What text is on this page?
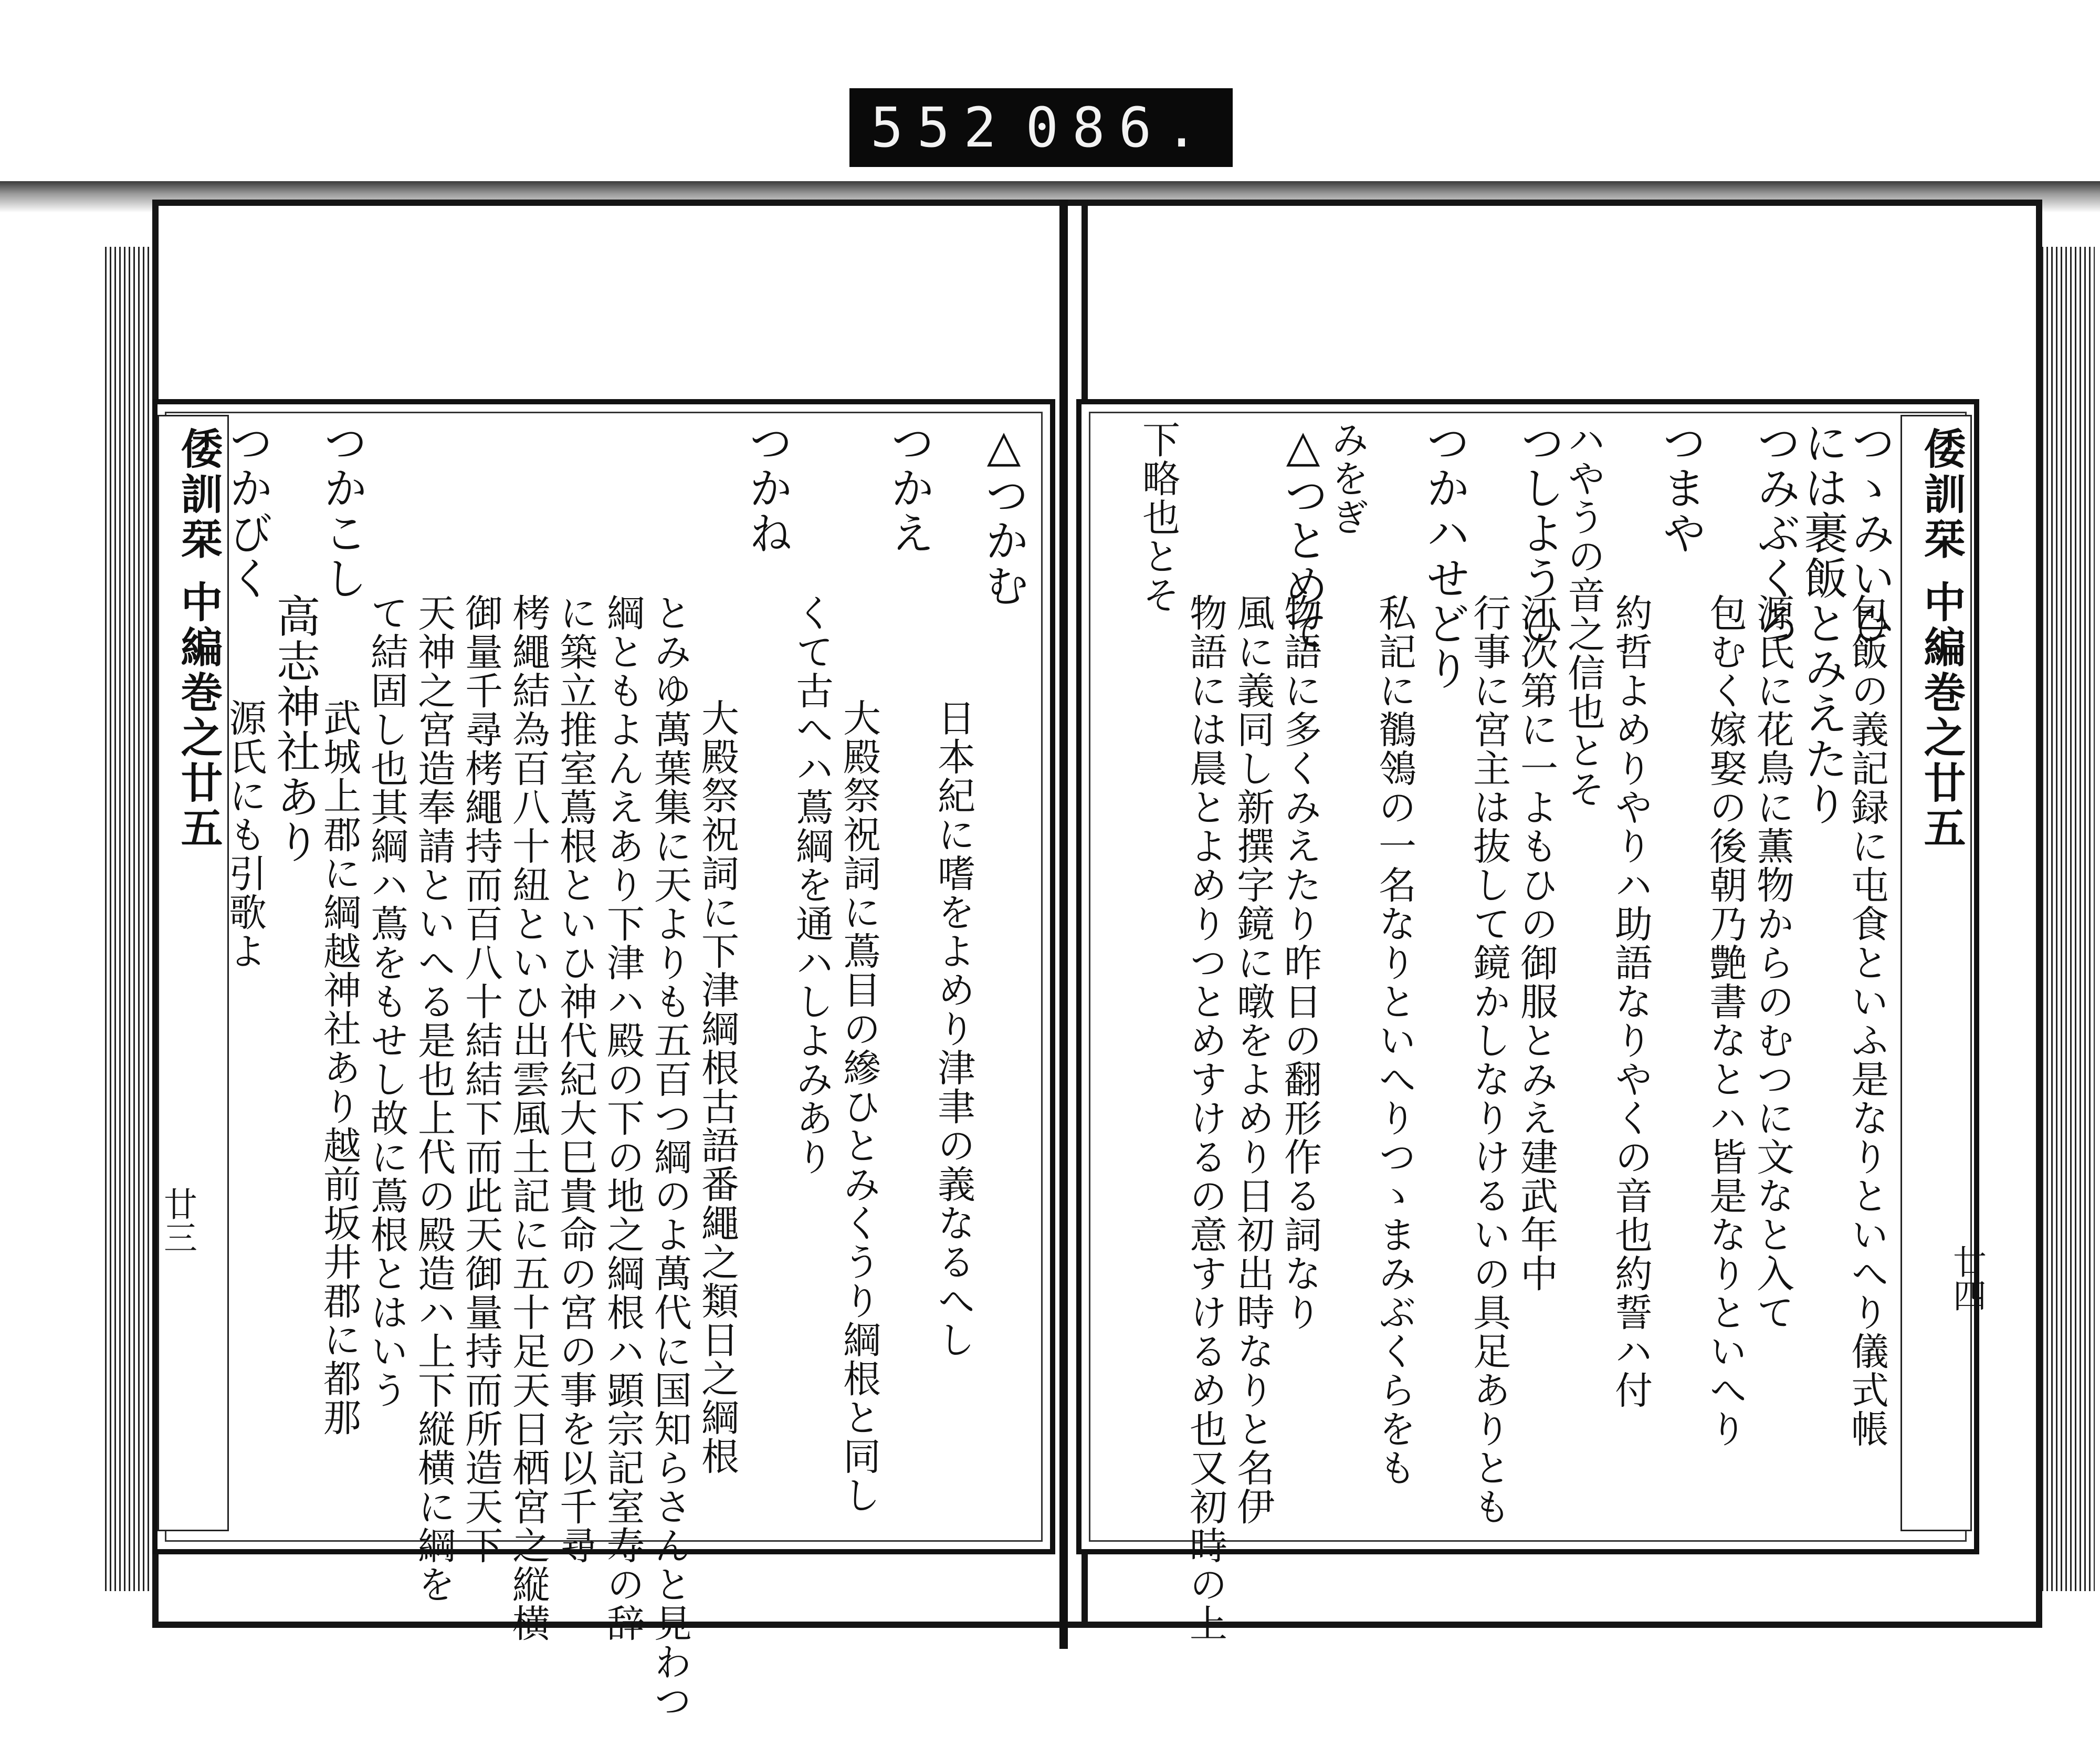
552 086.
倭訓栞 中編巻之廿五
廿三
△つかむ
日本紀に嗜をよめり津聿の義なるへし
つかえ
大殿祭祝詞に蔦目の縿ひとみくうり綱根と同し
くて古へハ蔦綱を通ハしよみあり
つかね
大殿祭祝詞に下津綱根古語番繩之類日之綱根
とみゆ萬葉集に天よりも五百つ綱のよ萬代に国知らさんと見わつ
綱ともよんえあり下津ハ殿の下の地之綱根ハ顕宗記室寿の辞
に築立推室蔦根といひ神代紀大巳貴命の宮の事を以千尋
栲繩結為百八十紐といひ出雲風土記に五十足天日栖宮之縦横
御量千尋栲繩持而百八十結結下而此天御量持而所造天下
天神之宮造奉請といへる是也上代の殿造ハ上下縦横に綱を
て結固し也其綱ハ蔦をもせし故に蔦根とはいう
つかこし
武城上郡に綱越神社あり越前坂井郡に都那
高志神社あり
つかびく
源氏にも引歌よ	倭訓栞 中編巻之廿五
廿四
つゝみいひ
包飯の義記録に屯食といふ是なりといへり儀式帳
には裹飯とみえたり
つみぶくろ
源氏に花鳥に薫物からのむつに文なと入て
包むく嫁娶の後朝乃艶書なとハ皆是なりといへり
つまや
約哲よめりやりハ助語なりやくの音也約誓ハ付
ハやうの音之信也とそ
つしようひ
江次第に一よもひの御服とみえ建武年中
行事に宮主は抜して鏡かしなりけるいの具足ありとも
つかハせどり
私記に鶺鴒の一名なりといへりつゝまみぶくらをも
みをぎ
△つとめて
物語に多くみえたり昨日の翻形作る詞なり
風に義同し新撰字鏡に暾をよめり日初出時なりと名伊
物語には晨とよめりつとめすけるの意すけるめ也又初時の上
下略也とそ
